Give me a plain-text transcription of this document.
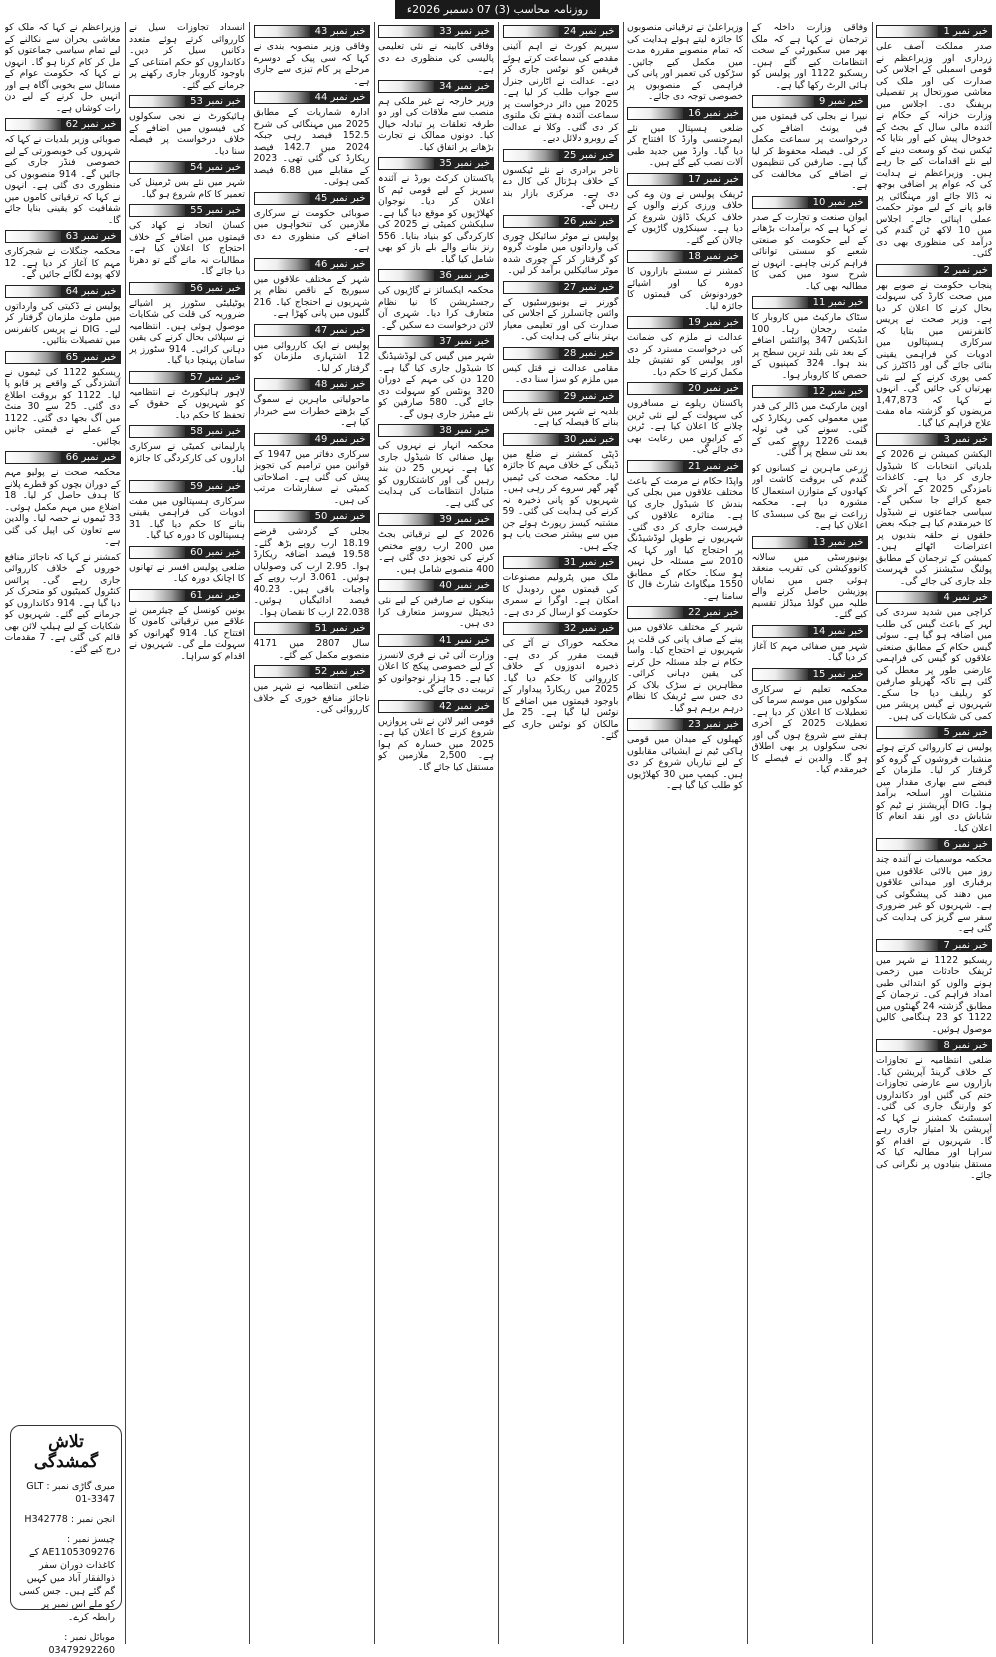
روزنامہ محاسب (3) 07 دسمبر 2026ء
خبر نمبر 1

صدر مملکت آصف علی زرداری اور وزیراعظم نے قومی اسمبلی کے اجلاس کی صدارت کی اور ملک کی معاشی صورتحال پر تفصیلی بریفنگ دی۔ اجلاس میں وزارت خزانہ کے حکام نے آئندہ مالی سال کے بجٹ کے خدوخال پیش کیے اور بتایا کہ ٹیکس نیٹ کو وسعت دینے کے لیے نئے اقدامات کیے جا رہے ہیں۔ وزیراعظم نے ہدایت کی کہ عوام پر اضافی بوجھ نہ ڈالا جائے اور مہنگائی پر قابو پانے کے لیے موثر حکمت عملی اپنائی جائے۔ اجلاس میں 10 لاکھ ٹن گندم کی درآمد کی منظوری بھی دی گئی۔

خبر نمبر 2

پنجاب حکومت نے صوبے بھر میں صحت کارڈ کی سہولت بحال کرنے کا اعلان کر دیا ہے۔ وزیر صحت نے پریس کانفرنس میں بتایا کہ سرکاری ہسپتالوں میں ادویات کی فراہمی یقینی بنائی جائے گی اور ڈاکٹرز کی کمی پوری کرنے کے لیے نئی بھرتیاں کی جائیں گی۔ انہوں نے کہا کہ 1,47,873 مریضوں کو گزشتہ ماہ مفت علاج فراہم کیا گیا۔

خبر نمبر 3

الیکشن کمیشن نے 2026 کے بلدیاتی انتخابات کا شیڈول جاری کر دیا ہے۔ کاغذات نامزدگی 2025 کے آخر تک جمع کرائے جا سکیں گے۔ سیاسی جماعتوں نے شیڈول کا خیرمقدم کیا ہے جبکہ بعض حلقوں نے حلقہ بندیوں پر اعتراضات اٹھائے ہیں۔ کمیشن کے ترجمان کے مطابق پولنگ سٹیشنز کی فہرست جلد جاری کی جائے گی۔

خبر نمبر 4

کراچی میں شدید سردی کی لہر کے باعث گیس کی طلب میں اضافہ ہو گیا ہے۔ سوئی گیس حکام کے مطابق صنعتی علاقوں کو گیس کی فراہمی عارضی طور پر معطل کی گئی ہے تاکہ گھریلو صارفین کو ریلیف دیا جا سکے۔ شہریوں نے گیس پریشر میں کمی کی شکایات کی ہیں۔

خبر نمبر 5

پولیس نے کارروائی کرتے ہوئے منشیات فروشوں کے گروہ کو گرفتار کر لیا۔ ملزمان کے قبضے سے بھاری مقدار میں منشیات اور اسلحہ برآمد ہوا۔ DIG آپریشنز نے ٹیم کو شاباش دی اور نقد انعام کا اعلان کیا۔

خبر نمبر 6

محکمہ موسمیات نے آئندہ چند روز میں بالائی علاقوں میں برفباری اور میدانی علاقوں میں دھند کی پیشگوئی کی ہے۔ شہریوں کو غیر ضروری سفر سے گریز کی ہدایت کی گئی ہے۔

خبر نمبر 7

ریسکیو 1122 نے شہر میں ٹریفک حادثات میں زخمی ہونے والوں کو ابتدائی طبی امداد فراہم کی۔ ترجمان کے مطابق گزشتہ 24 گھنٹوں میں 1122 کو 23 ہنگامی کالیں موصول ہوئیں۔

خبر نمبر 8

ضلعی انتظامیہ نے تجاوزات کے خلاف گرینڈ آپریشن کیا۔ بازاروں سے عارضی تجاوزات ختم کی گئیں اور دکانداروں کو وارننگ جاری کی گئی۔ اسسٹنٹ کمشنر نے کہا کہ آپریشن بلا امتیاز جاری رہے گا۔ شہریوں نے اقدام کو سراہا اور مطالبہ کیا کہ مستقل بنیادوں پر نگرانی کی جائے۔

وفاقی وزارت داخلہ کے ترجمان نے کہا ہے کہ ملک بھر میں سکیورٹی کے سخت انتظامات کیے گئے ہیں۔ ریسکیو 1122 اور پولیس کو ہائی الرٹ رکھا گیا ہے۔

خبر نمبر 9

نیپرا نے بجلی کی قیمتوں میں فی یونٹ اضافے کی درخواست پر سماعت مکمل کر لی۔ فیصلہ محفوظ کر لیا گیا ہے۔ صارفین کی تنظیموں نے اضافے کی مخالفت کی ہے۔

خبر نمبر 10

ایوان صنعت و تجارت کے صدر نے کہا ہے کہ برآمدات بڑھانے کے لیے حکومت کو صنعتی شعبے کو سستی توانائی فراہم کرنی چاہیے۔ انہوں نے شرح سود میں کمی کا مطالبہ بھی کیا۔

خبر نمبر 11

سٹاک مارکیٹ میں کاروبار کا مثبت رجحان رہا۔ 100 انڈیکس 347 پوائنٹس اضافے کے بعد نئی بلند ترین سطح پر بند ہوا۔ 324 کمپنیوں کے حصص کا کاروبار ہوا۔

خبر نمبر 12

اوپن مارکیٹ میں ڈالر کی قدر میں معمولی کمی ریکارڈ کی گئی۔ سونے کی فی تولہ قیمت 1226 روپے کمی کے بعد نئی سطح پر آ گئی۔

زرعی ماہرین نے کسانوں کو گندم کی بروقت کاشت اور کھادوں کے متوازن استعمال کا مشورہ دیا ہے۔ محکمہ زراعت نے بیج کی سبسڈی کا اعلان کیا ہے۔

خبر نمبر 13

یونیورسٹی میں سالانہ کانووکیشن کی تقریب منعقد ہوئی جس میں نمایاں پوزیشن حاصل کرنے والے طلبہ میں گولڈ میڈلز تقسیم کیے گئے۔

خبر نمبر 14

شہر میں صفائی مہم کا آغاز کر دیا گیا۔

خبر نمبر 15

محکمہ تعلیم نے سرکاری سکولوں میں موسم سرما کی تعطیلات کا اعلان کر دیا ہے۔ تعطیلات 2025 کے آخری ہفتے سے شروع ہوں گی اور نجی سکولوں پر بھی اطلاق ہو گا۔ والدین نے فیصلے کا خیرمقدم کیا۔

وزیراعلیٰ نے ترقیاتی منصوبوں کا جائزہ لیتے ہوئے ہدایت کی کہ تمام منصوبے مقررہ مدت میں مکمل کیے جائیں۔ سڑکوں کی تعمیر اور پانی کی فراہمی کے منصوبوں پر خصوصی توجہ دی جائے۔

خبر نمبر 16

ضلعی ہسپتال میں نئے ایمرجنسی وارڈ کا افتتاح کر دیا گیا۔ وارڈ میں جدید طبی آلات نصب کیے گئے ہیں۔

خبر نمبر 17

ٹریفک پولیس نے ون وے کی خلاف ورزی کرنے والوں کے خلاف کریک ڈاؤن شروع کر دیا ہے۔ سینکڑوں گاڑیوں کے چالان کیے گئے۔

خبر نمبر 18

کمشنر نے سستے بازاروں کا دورہ کیا اور اشیائے خوردونوش کی قیمتوں کا جائزہ لیا۔

خبر نمبر 19

عدالت نے ملزم کی ضمانت کی درخواست مسترد کر دی اور پولیس کو تفتیش جلد مکمل کرنے کا حکم دیا۔

خبر نمبر 20

پاکستان ریلوے نے مسافروں کی سہولت کے لیے نئی ٹرین چلانے کا اعلان کیا ہے۔ ٹرین کے کرایوں میں رعایت بھی دی جائے گی۔

خبر نمبر 21

واپڈا حکام نے مرمت کے باعث مختلف علاقوں میں بجلی کی بندش کا شیڈول جاری کیا ہے۔ متاثرہ علاقوں کی فہرست جاری کر دی گئی۔ شہریوں نے طویل لوڈشیڈنگ پر احتجاج کیا اور کہا کہ 2010 سے مسئلہ حل نہیں ہو سکا۔ حکام کے مطابق 1550 میگاواٹ شارٹ فال کا سامنا ہے۔

خبر نمبر 22

شہر کے مختلف علاقوں میں پینے کے صاف پانی کی قلت پر شہریوں نے احتجاج کیا۔ واسا حکام نے جلد مسئلہ حل کرنے کی یقین دہانی کرائی۔ مظاہرین نے سڑک بلاک کر دی جس سے ٹریفک کا نظام درہم برہم ہو گیا۔

خبر نمبر 23

کھیلوں کے میدان میں قومی ہاکی ٹیم نے ایشیائی مقابلوں کے لیے تیاریاں شروع کر دی ہیں۔ کیمپ میں 30 کھلاڑیوں کو طلب کیا گیا ہے۔

خبر نمبر 24

سپریم کورٹ نے اہم آئینی مقدمے کی سماعت کرتے ہوئے فریقین کو نوٹس جاری کر دیے۔ عدالت نے اٹارنی جنرل سے جواب طلب کر لیا ہے۔ 2025 میں دائر درخواست پر سماعت آئندہ ہفتے تک ملتوی کر دی گئی۔ وکلا نے عدالت کے روبرو دلائل دیے۔

خبر نمبر 25

تاجر برادری نے نئے ٹیکسوں کے خلاف ہڑتال کی کال دے دی ہے۔ مرکزی بازار بند رہیں گے۔

خبر نمبر 26

پولیس نے موٹر سائیکل چوری کی وارداتوں میں ملوث گروہ کو گرفتار کر کے چوری شدہ موٹر سائیکلیں برآمد کر لیں۔

خبر نمبر 27

گورنر نے یونیورسٹیوں کے وائس چانسلرز کے اجلاس کی صدارت کی اور تعلیمی معیار بہتر بنانے کی ہدایت کی۔

خبر نمبر 28

مقامی عدالت نے قتل کیس میں ملزم کو سزا سنا دی۔

خبر نمبر 29

بلدیہ نے شہر میں نئے پارکس بنانے کا فیصلہ کیا ہے۔

خبر نمبر 30

ڈپٹی کمشنر نے ضلع میں ڈینگی کے خلاف مہم کا جائزہ لیا۔ محکمہ صحت کی ٹیمیں گھر گھر سروے کر رہی ہیں۔ شہریوں کو پانی ذخیرہ نہ کرنے کی ہدایت کی گئی۔ 59 مشتبہ کیسز رپورٹ ہوئے جن میں سے بیشتر صحت یاب ہو چکے ہیں۔

خبر نمبر 31

ملک میں پٹرولیم مصنوعات کی قیمتوں میں ردوبدل کا امکان ہے۔ اوگرا نے سمری حکومت کو ارسال کر دی ہے۔

خبر نمبر 32

محکمہ خوراک نے آٹے کی قیمت مقرر کر دی ہے۔ ذخیرہ اندوزوں کے خلاف کارروائی کا حکم دیا گیا۔ 2025 میں ریکارڈ پیداوار کے باوجود قیمتوں میں اضافے کا نوٹس لیا گیا ہے۔ 25 مل مالکان کو نوٹس جاری کیے گئے۔

خبر نمبر 33

وفاقی کابینہ نے نئی تعلیمی پالیسی کی منظوری دے دی ہے۔

خبر نمبر 34

وزیر خارجہ نے غیر ملکی ہم منصب سے ملاقات کی اور دو طرفہ تعلقات پر تبادلہ خیال کیا۔ دونوں ممالک نے تجارت بڑھانے پر اتفاق کیا۔

خبر نمبر 35

پاکستان کرکٹ بورڈ نے آئندہ سیریز کے لیے قومی ٹیم کا اعلان کر دیا۔ نوجوان کھلاڑیوں کو موقع دیا گیا ہے۔ سلیکشن کمیٹی نے 2025 کی کارکردگی کو بنیاد بنایا۔ 556 رنز بنانے والے بلے باز کو بھی شامل کیا گیا۔

خبر نمبر 36

محکمہ ایکسائز نے گاڑیوں کی رجسٹریشن کا نیا نظام متعارف کرا دیا۔ شہری آن لائن درخواست دے سکیں گے۔

خبر نمبر 37

شہر میں گیس کی لوڈشیڈنگ کا شیڈول جاری کیا گیا ہے۔ 120 دن کی مہم کے دوران 320 یونٹس کو سہولت دی جائے گی۔ 580 صارفین کو نئے میٹرز جاری ہوں گے۔

خبر نمبر 38

محکمہ انہار نے نہروں کی بھل صفائی کا شیڈول جاری کیا ہے۔ نہریں 25 دن بند رہیں گی اور کاشتکاروں کو متبادل انتظامات کی ہدایت کی گئی ہے۔

خبر نمبر 39

2026 کے لیے ترقیاتی بجٹ میں 200 ارب روپے مختص کرنے کی تجویز دی گئی ہے۔ 400 منصوبے شامل ہیں۔

خبر نمبر 40

بینکوں نے صارفین کے لیے نئی ڈیجیٹل سروسز متعارف کرا دی ہیں۔

خبر نمبر 41

وزارت آئی ٹی نے فری لانسرز کے لیے خصوصی پیکج کا اعلان کیا ہے۔ 15 ہزار نوجوانوں کو تربیت دی جائے گی۔

خبر نمبر 42

قومی ائیر لائن نے نئی پروازیں شروع کرنے کا اعلان کیا ہے۔ 2025 میں خسارہ کم ہوا ہے۔ 2,500 ملازمین کو مستقل کیا جائے گا۔

خبر نمبر 43

وفاقی وزیر منصوبہ بندی نے کہا کہ سی پیک کے دوسرے مرحلے پر کام تیزی سے جاری ہے۔

خبر نمبر 44

ادارہ شماریات کے مطابق 2025 میں مہنگائی کی شرح 152.5 فیصد رہی جبکہ 2024 میں 142.7 فیصد ریکارڈ کی گئی تھی۔ 2023 کے مقابلے میں 6.88 فیصد کمی ہوئی۔

خبر نمبر 45

صوبائی حکومت نے سرکاری ملازمین کی تنخواہوں میں اضافے کی منظوری دے دی ہے۔

خبر نمبر 46

شہر کے مختلف علاقوں میں سیوریج کے ناقص نظام پر شہریوں نے احتجاج کیا۔ 216 گلیوں میں پانی کھڑا ہے۔

خبر نمبر 47

پولیس نے ایک کارروائی میں 12 اشتہاری ملزمان کو گرفتار کر لیا۔

خبر نمبر 48

ماحولیاتی ماہرین نے سموگ کے بڑھتے خطرات سے خبردار کیا ہے۔

خبر نمبر 49

سرکاری دفاتر میں 1947 کے قوانین میں ترامیم کی تجویز پیش کی گئی ہے۔ اصلاحاتی کمیٹی نے سفارشات مرتب کی ہیں۔

خبر نمبر 50

بجلی کے گردشی قرضے 18.19 ارب روپے بڑھ گئے۔ 19.58 فیصد اضافہ ریکارڈ ہوا۔ 2.95 ارب کی وصولیاں ہوئیں۔ 3.061 ارب روپے کے واجبات باقی ہیں۔ 40.23 فیصد ادائیگیاں ہوئیں۔ 22.038 ارب کا نقصان ہوا۔

خبر نمبر 51

سال 2807 میں 4171 منصوبے مکمل کیے گئے۔

خبر نمبر 52

ضلعی انتظامیہ نے شہر میں ناجائز منافع خوری کے خلاف کارروائی کی۔

انسداد تجاوزات سیل نے کارروائی کرتے ہوئے متعدد دکانیں سیل کر دیں۔ دکانداروں کو حکم امتناعی کے باوجود کاروبار جاری رکھنے پر جرمانے کیے گئے۔

خبر نمبر 53

ہائیکورٹ نے نجی سکولوں کی فیسوں میں اضافے کے خلاف درخواست پر فیصلہ سنا دیا۔

خبر نمبر 54

شہر میں نئے بس ٹرمینل کی تعمیر کا کام شروع ہو گیا۔

خبر نمبر 55

کسان اتحاد نے کھاد کی قیمتوں میں اضافے کے خلاف احتجاج کا اعلان کیا ہے۔ مطالبات نہ مانے گئے تو دھرنا دیا جائے گا۔

خبر نمبر 56

یوٹیلیٹی سٹورز پر اشیائے ضروریہ کی قلت کی شکایات موصول ہوئی ہیں۔ انتظامیہ نے سپلائی بحال کرنے کی یقین دہانی کرائی۔ 914 سٹورز پر سامان پہنچا دیا گیا۔

خبر نمبر 57

لاہور ہائیکورٹ نے انتظامیہ کو شہریوں کے حقوق کے تحفظ کا حکم دیا۔

خبر نمبر 58

پارلیمانی کمیٹی نے سرکاری اداروں کی کارکردگی کا جائزہ لیا۔

خبر نمبر 59

سرکاری ہسپتالوں میں مفت ادویات کی فراہمی یقینی بنانے کا حکم دیا گیا۔ 31 ہسپتالوں کا دورہ کیا گیا۔

خبر نمبر 60

ضلعی پولیس افسر نے تھانوں کا اچانک دورہ کیا۔

خبر نمبر 61

یونین کونسل کے چیئرمین نے علاقے میں ترقیاتی کاموں کا افتتاح کیا۔ 914 گھرانوں کو سہولت ملے گی۔ شہریوں نے اقدام کو سراہا۔

وزیراعظم نے کہا کہ ملک کو معاشی بحران سے نکالنے کے لیے تمام سیاسی جماعتوں کو مل کر کام کرنا ہو گا۔ انہوں نے کہا کہ حکومت عوام کے مسائل سے بخوبی آگاہ ہے اور انہیں حل کرنے کے لیے دن رات کوشاں ہے۔

خبر نمبر 62

صوبائی وزیر بلدیات نے کہا کہ شہروں کی خوبصورتی کے لیے خصوصی فنڈز جاری کیے جائیں گے۔ 914 منصوبوں کی منظوری دی گئی ہے۔ انہوں نے کہا کہ ترقیاتی کاموں میں شفافیت کو یقینی بنایا جائے گا۔

خبر نمبر 63

محکمہ جنگلات نے شجرکاری مہم کا آغاز کر دیا ہے۔ 12 لاکھ پودے لگائے جائیں گے۔

خبر نمبر 64

پولیس نے ڈکیتی کی وارداتوں میں ملوث ملزمان گرفتار کر لیے۔ DIG نے پریس کانفرنس میں تفصیلات بتائیں۔

خبر نمبر 65

ریسکیو 1122 کی ٹیموں نے آتشزدگی کے واقعے پر قابو پا لیا۔ 1122 کو بروقت اطلاع دی گئی۔ 25 سے 30 منٹ میں آگ بجھا دی گئی۔ 1122 کے عملے نے قیمتی جانیں بچائیں۔

خبر نمبر 66

محکمہ صحت نے پولیو مہم کے دوران بچوں کو قطرے پلانے کا ہدف حاصل کر لیا۔ 18 اضلاع میں مہم مکمل ہوئی۔ 33 ٹیموں نے حصہ لیا۔ والدین سے تعاون کی اپیل کی گئی ہے۔

کمشنر نے کہا کہ ناجائز منافع خوروں کے خلاف کارروائی جاری رہے گی۔ پرائس کنٹرول کمیٹیوں کو متحرک کر دیا گیا ہے۔ 914 دکانداروں کو جرمانے کیے گئے۔ شہریوں کو شکایات کے لیے ہیلپ لائن بھی قائم کی گئی ہے۔ 7 مقدمات درج کیے گئے۔

تلاش گمشدگی

میری گاڑی نمبر : GLT 01-3347

انجن نمبر : H342778

چیسز نمبر : AE1105309276 کے کاغذات دوران سفر ذوالفقار آباد میں کہیں گم گئے ہیں۔ جس کسی کو ملے اس نمبر پر رابطہ کرے۔

موبائل نمبر : 03479292260
